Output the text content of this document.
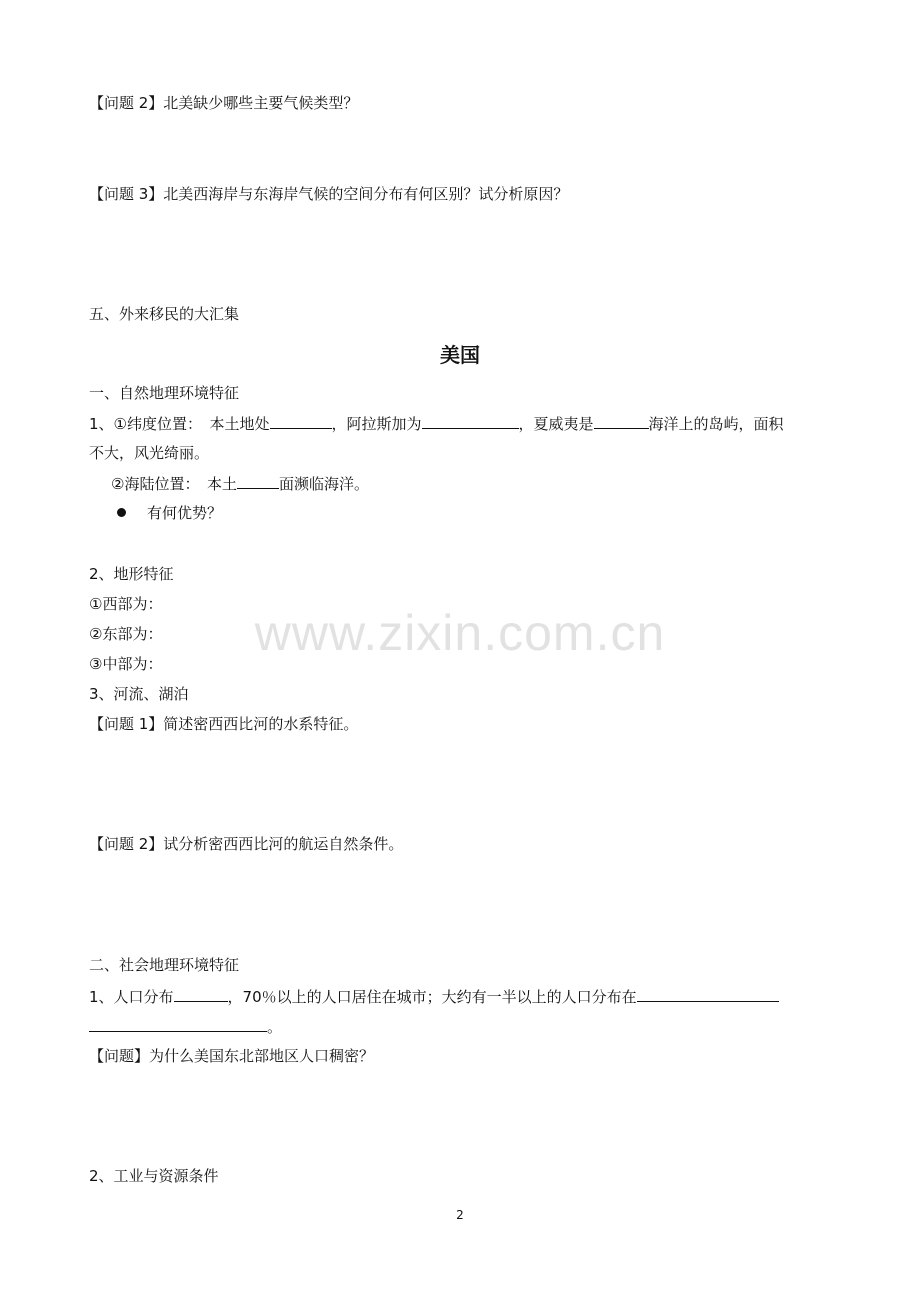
【问题 2】北美缺少哪些主要气候类型？
【问题 3】北美西海岸与东海岸气候的空间分布有何区别？试分析原因？
五、外来移民的大汇集
美国
一、自然地理环境特征
1、①纬度位置：　本土地处	，阿拉斯加为	，夏威夷是	海洋上的岛屿，面积
不大，风光绮丽。
②海陆位置：　本土	面濒临海洋。
有何优势？
2、地形特征
①西部为：
②东部为：
③中部为：
3、河流、湖泊
【问题 1】简述密西西比河的水系特征。
【问题 2】试分析密西西比河的航运自然条件。
二、社会地理环境特征
1、人口分布	，70％以上的人口居住在城市；大约有一半以上的人口分布在
。
【问题】为什么美国东北部地区人口稠密？
2、工业与资源条件
www.zixin.com.cn
2
